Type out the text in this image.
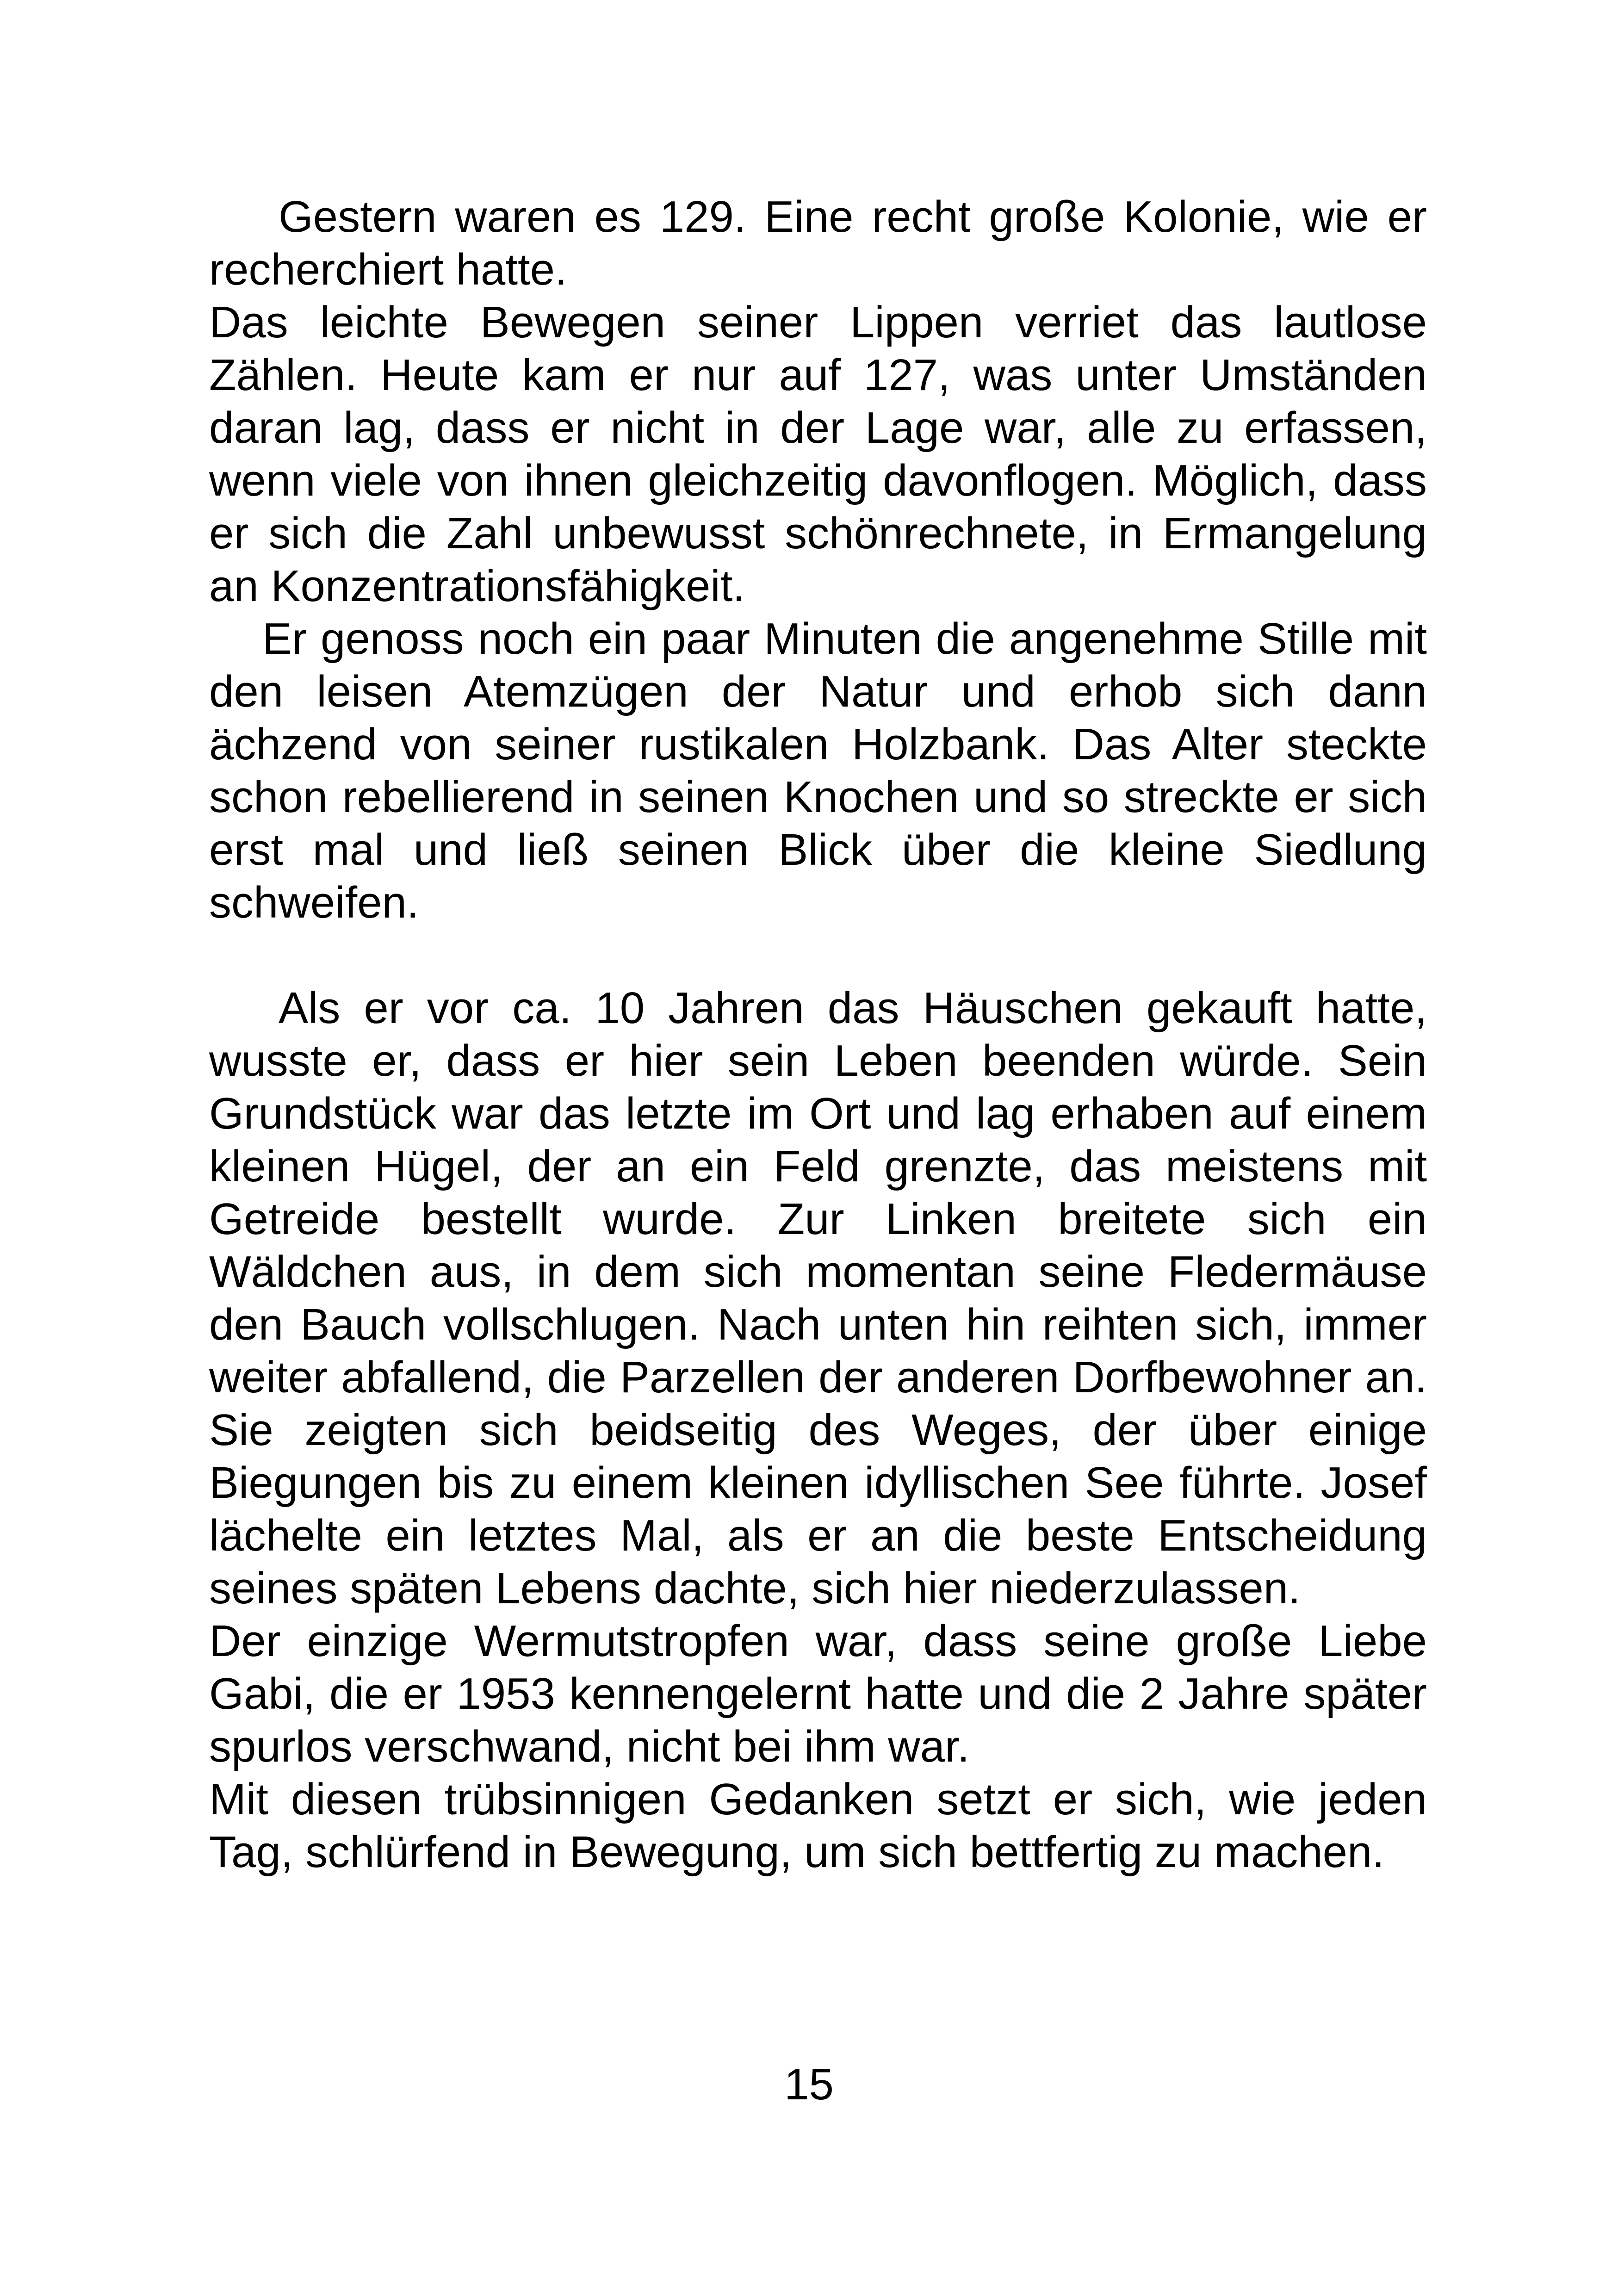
Gestern waren es 129. Eine recht große Kolonie, wie er recherchiert hatte.

Das leichte Bewegen seiner Lippen verriet das lautlose Zählen. Heute kam er nur auf 127, was unter Umständen daran lag, dass er nicht in der Lage war, alle zu erfassen, wenn viele von ihnen gleichzeitig davonflogen. Möglich, dass er sich die Zahl unbewusst schönrechnete, in Ermangelung an Konzentrationsfähigkeit.

Er genoss noch ein paar Minuten die angenehme Stille mit den leisen Atemzügen der Natur und erhob sich dann ächzend von seiner rustikalen Holzbank. Das Alter steckte schon rebellierend in seinen Knochen und so streckte er sich erst mal und ließ seinen Blick über die kleine Siedlung schweifen.

Als er vor ca. 10 Jahren das Häuschen gekauft hatte, wusste er, dass er hier sein Leben beenden würde. Sein Grundstück war das letzte im Ort und lag erhaben auf einem kleinen Hügel, der an ein Feld grenzte, das meistens mit Getreide bestellt wurde. Zur Linken breitete sich ein Wäldchen aus, in dem sich momentan seine Fledermäuse den Bauch vollschlugen. Nach unten hin reihten sich, immer weiter abfallend, die Parzellen der anderen Dorfbewohner an. Sie zeigten sich beidseitig des Weges, der über einige Biegungen bis zu einem kleinen idyllischen See führte. Josef lächelte ein letztes Mal, als er an die beste Entscheidung seines späten Lebens dachte, sich hier niederzulassen.

Der einzige Wermutstropfen war, dass seine große Liebe Gabi, die er 1953 kennengelernt hatte und die 2 Jahre später spurlos verschwand, nicht bei ihm war.

Mit diesen trübsinnigen Gedanken setzt er sich, wie jeden Tag, schlürfend in Bewegung, um sich bettfertig zu machen.

15
